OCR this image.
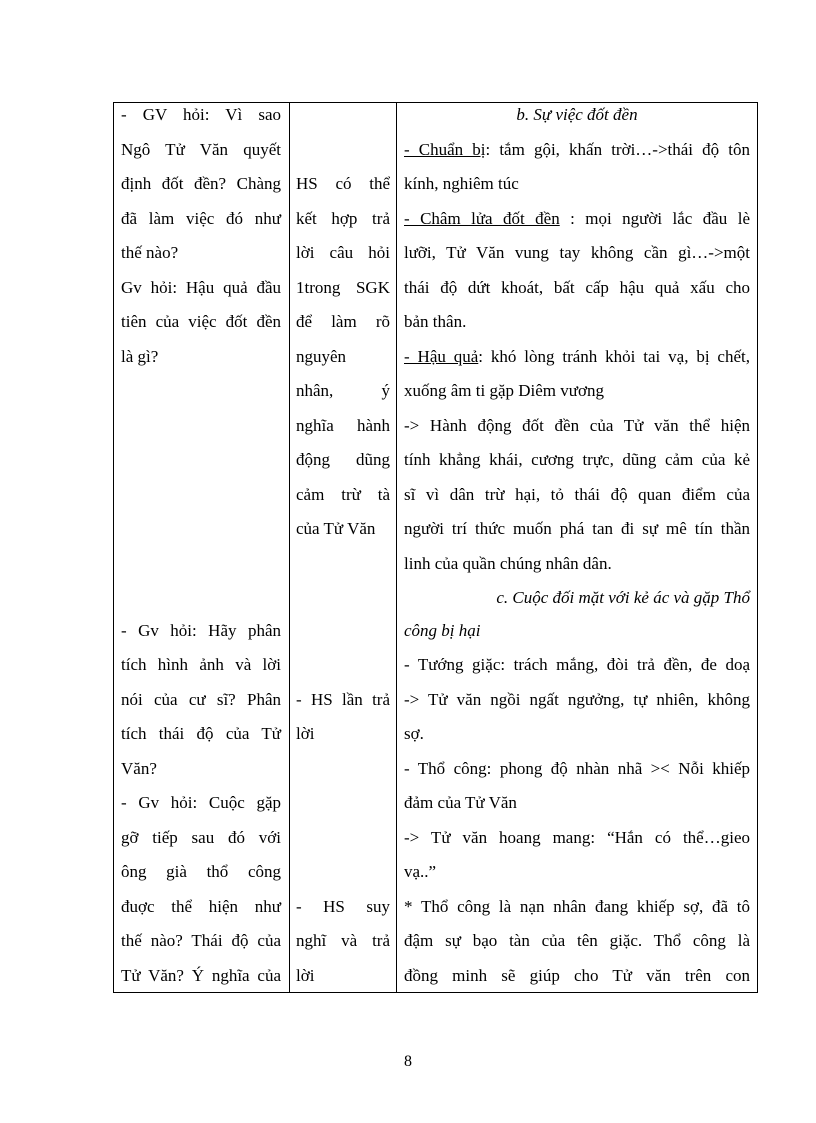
- GV hỏi: Vì sao
Ngô Tử Văn quyết
định đốt đền? Chàng
đã làm việc đó như
thế nào?
Gv hỏi: Hậu quả đầu
tiên của việc đốt đền
là gì?
- Gv hỏi: Hãy phân
tích hình ảnh và lời
nói của cư sĩ? Phân
tích thái độ của Tử
Văn?
- Gv hỏi: Cuộc gặp
gỡ tiếp sau đó với
ông già thổ công
đuợc thể hiện như
thế nào? Thái độ của
Tử Văn? Ý nghĩa của
HS có thể
kết hợp trả
lời câu hỏi
1trong SGK
để làm rõ
nguyên
nhân, ý
nghĩa hành
động dũng
cảm trừ tà
của Tử Văn
- HS lần trả
lời
- HS suy
nghĩ và trả
lời
b. Sự việc đốt đền
- Chuẩn bị: tắm gội, khấn trời…->thái độ tôn
kính, nghiêm túc
- Châm lửa đốt đền : mọi người lắc đầu lè
lưỡi, Tử Văn vung tay không cần gì…->một
thái độ dứt khoát, bất cấp hậu quả xấu cho
bản thân.
- Hậu quả: khó lòng tránh khỏi tai vạ, bị chết,
xuống âm ti gặp Diêm vương
-> Hành động đốt đền của Tử văn thể hiện
tính khẳng khái, cương trực, dũng cảm của kẻ
sĩ vì dân trừ hại, tỏ thái độ quan điểm của
người trí thức muốn phá tan đi sự mê tín thần
linh của quần chúng nhân dân.
c. Cuộc đối mặt với kẻ ác và gặp Thổ
công bị hại
- Tướng giặc: trách mắng, đòi trả đền, đe doạ
-> Tử văn ngồi ngất ngưởng, tự nhiên, không
sợ.
- Thổ công: phong độ nhàn nhã >< Nỗi khiếp
đảm của Tử Văn
-> Tử văn hoang mang: “Hắn có thể…gieo
vạ..”
* Thổ công là nạn nhân đang khiếp sợ, đã tô
đậm sự bạo tàn của tên giặc. Thổ công là
đồng minh sẽ giúp cho Tử văn trên con
8
